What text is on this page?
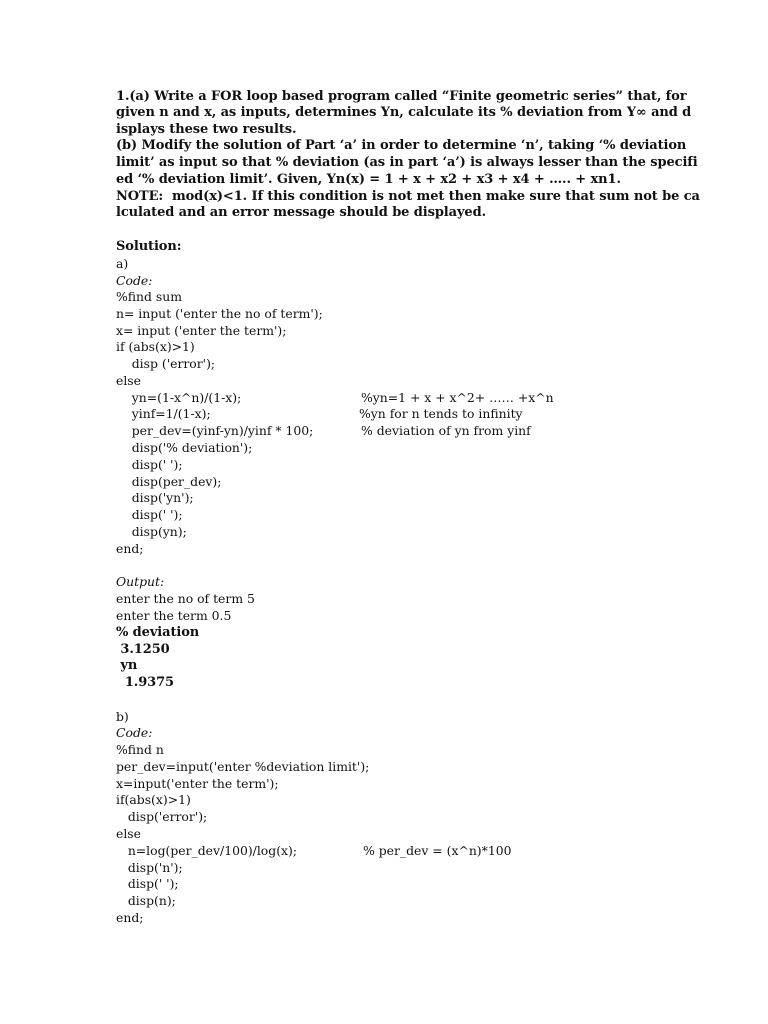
1.(a) Write a FOR loop based program called “Finite geometric series” that, for
given n and x, as inputs, determines Yn, calculate its % deviation from Y∞ and d
isplays these two results.
(b) Modify the solution of Part ‘a’ in order to determine ‘n’, taking ‘% deviation
limit’ as input so that % deviation (as in part ‘a’) is always lesser than the specifi
ed ‘% deviation limit’. Given, Yn(x) = 1 + x + x2 + x3 + x4 + ….. + xn1.
NOTE:  mod(x)<1. If this condition is not met then make sure that sum not be ca
lculated and an error message should be displayed.
Solution:
a)
Code:
%find sum
n= input ('enter the no of term');
x= input ('enter the term');
if (abs(x)>1)
disp ('error');
else
yn=(1-x^n)/(1-x);
yinf=1/(1-x);
per_dev=(yinf-yn)/yinf * 100;
disp('% deviation');
disp(' ');
disp(per_dev);
disp('yn');
disp(' ');
disp(yn);
end;
%yn=1 + x + x^2+ …… +x^n
%yn for n tends to infinity
% deviation of yn from yinf
Output:
enter the no of term 5
enter the term 0.5
% deviation
3.1250
yn
1.9375
b)
Code:
%find n
per_dev=input('enter %deviation limit');
x=input('enter the term');
if(abs(x)>1)
disp('error');
else
n=log(per_dev/100)/log(x);
disp('n');
disp(' ');
disp(n);
end;
% per_dev = (x^n)*100
